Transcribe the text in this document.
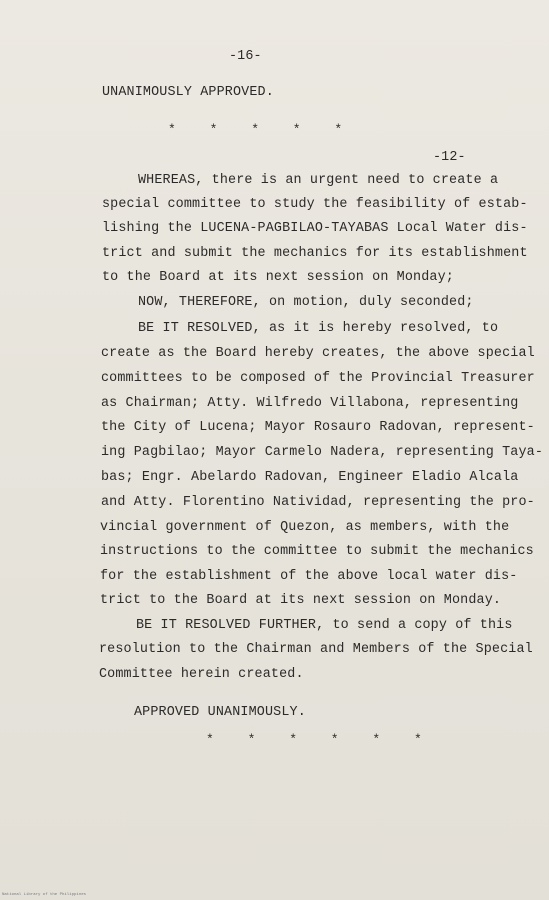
-16-
UNANIMOUSLY APPROVED.
* * * * *
-12-
WHEREAS, there is an urgent need to create a
special committee to study the feasibility of estab-
lishing the LUCENA-PAGBILAO-TAYABAS Local Water dis-
trict and submit the mechanics for its establishment
to the Board at its next session on Monday;
NOW, THEREFORE, on motion, duly seconded;
BE IT RESOLVED, as it is hereby resolved, to
create as the Board hereby creates, the above special
committees to be composed of the Provincial Treasurer
as Chairman; Atty. Wilfredo Villabona, representing
the City of Lucena; Mayor Rosauro Radovan, represent-
ing Pagbilao; Mayor Carmelo Nadera, representing Taya-
bas; Engr. Abelardo Radovan, Engineer Eladio Alcala
and Atty. Florentino Natividad, representing the pro-
vincial government of Quezon, as members, with the
instructions to the committee to submit the mechanics
for the establishment of the above local water dis-
trict to the Board at its next session on Monday.
BE IT RESOLVED FURTHER, to send a copy of this
resolution to the Chairman and Members of the Special
Committee herein created.
APPROVED UNANIMOUSLY.
* * * * * *
National Library of the Philippines
